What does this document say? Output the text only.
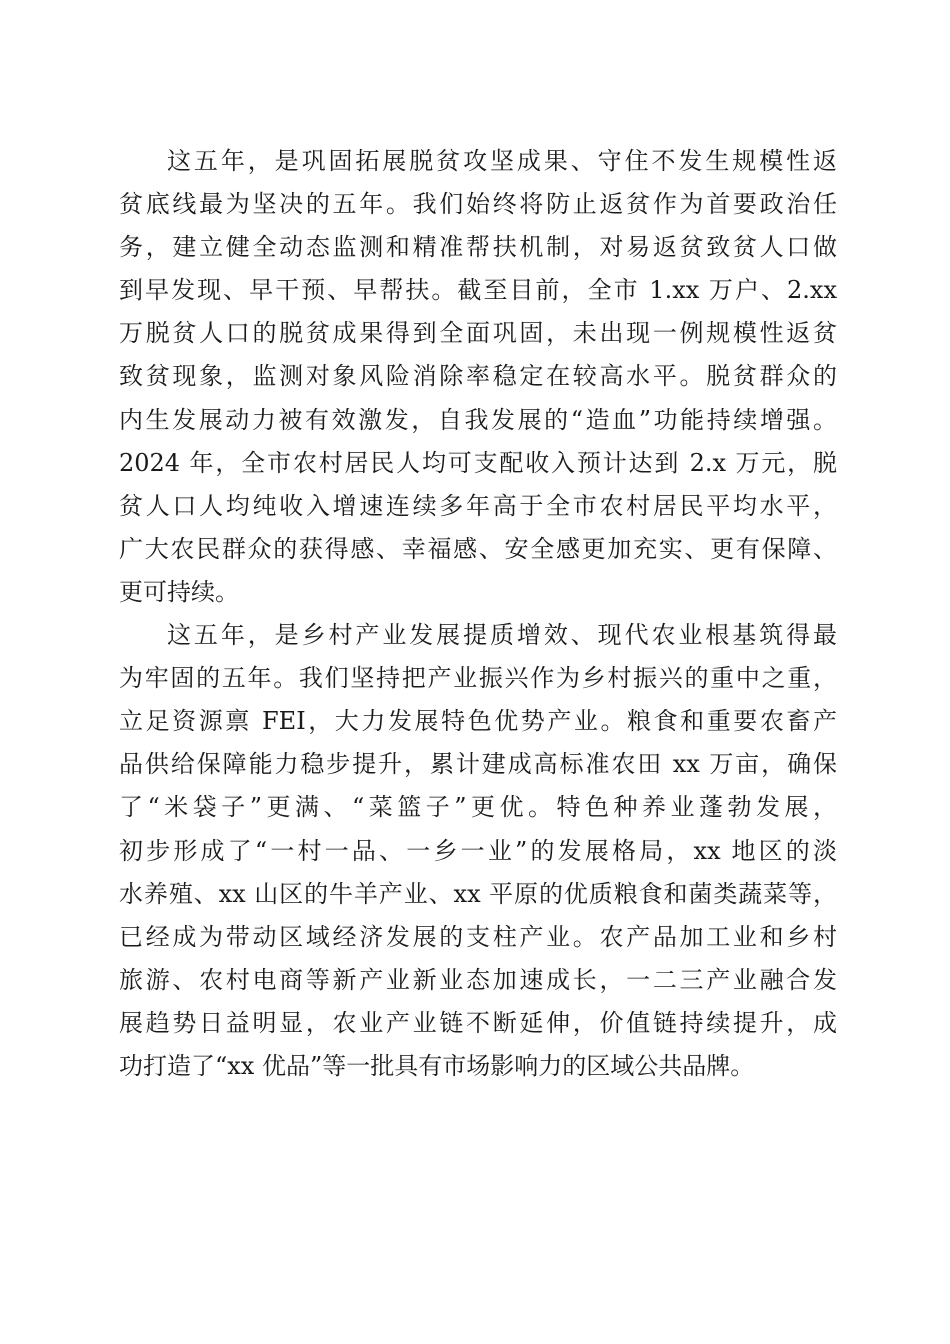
这五年，是巩固拓展脱贫攻坚成果、守住不发生规模性返
贫底线最为坚决的五年。我们始终将防止返贫作为首要政治任
务，建立健全动态监测和精准帮扶机制，对易返贫致贫人口做
到早发现、早干预、早帮扶。截至目前，全市 1.xx 万户、2.xx
万脱贫人口的脱贫成果得到全面巩固，未出现一例规模性返贫
致贫现象，监测对象风险消除率稳定在较高水平。脱贫群众的
内生发展动力被有效激发，自我发展的“造血”功能持续增强。
2024 年，全市农村居民人均可支配收入预计达到 2.x 万元，脱
贫人口人均纯收入增速连续多年高于全市农村居民平均水平，
广大农民群众的获得感、幸福感、安全感更加充实、更有保障、
更可持续。
这五年，是乡村产业发展提质增效、现代农业根基筑得最
为牢固的五年。我们坚持把产业振兴作为乡村振兴的重中之重，
立足资源禀 FEI，大力发展特色优势产业。粮食和重要农畜产
品供给保障能力稳步提升，累计建成高标准农田 xx 万亩，确保
了“米袋子”更满、“菜篮子”更优。特色种养业蓬勃发展，
初步形成了“一村一品、一乡一业”的发展格局，xx 地区的淡
水养殖、xx 山区的牛羊产业、xx 平原的优质粮食和菌类蔬菜等，
已经成为带动区域经济发展的支柱产业。农产品加工业和乡村
旅游、农村电商等新产业新业态加速成长，一二三产业融合发
展趋势日益明显，农业产业链不断延伸，价值链持续提升，成
功打造了“xx 优品”等一批具有市场影响力的区域公共品牌。
